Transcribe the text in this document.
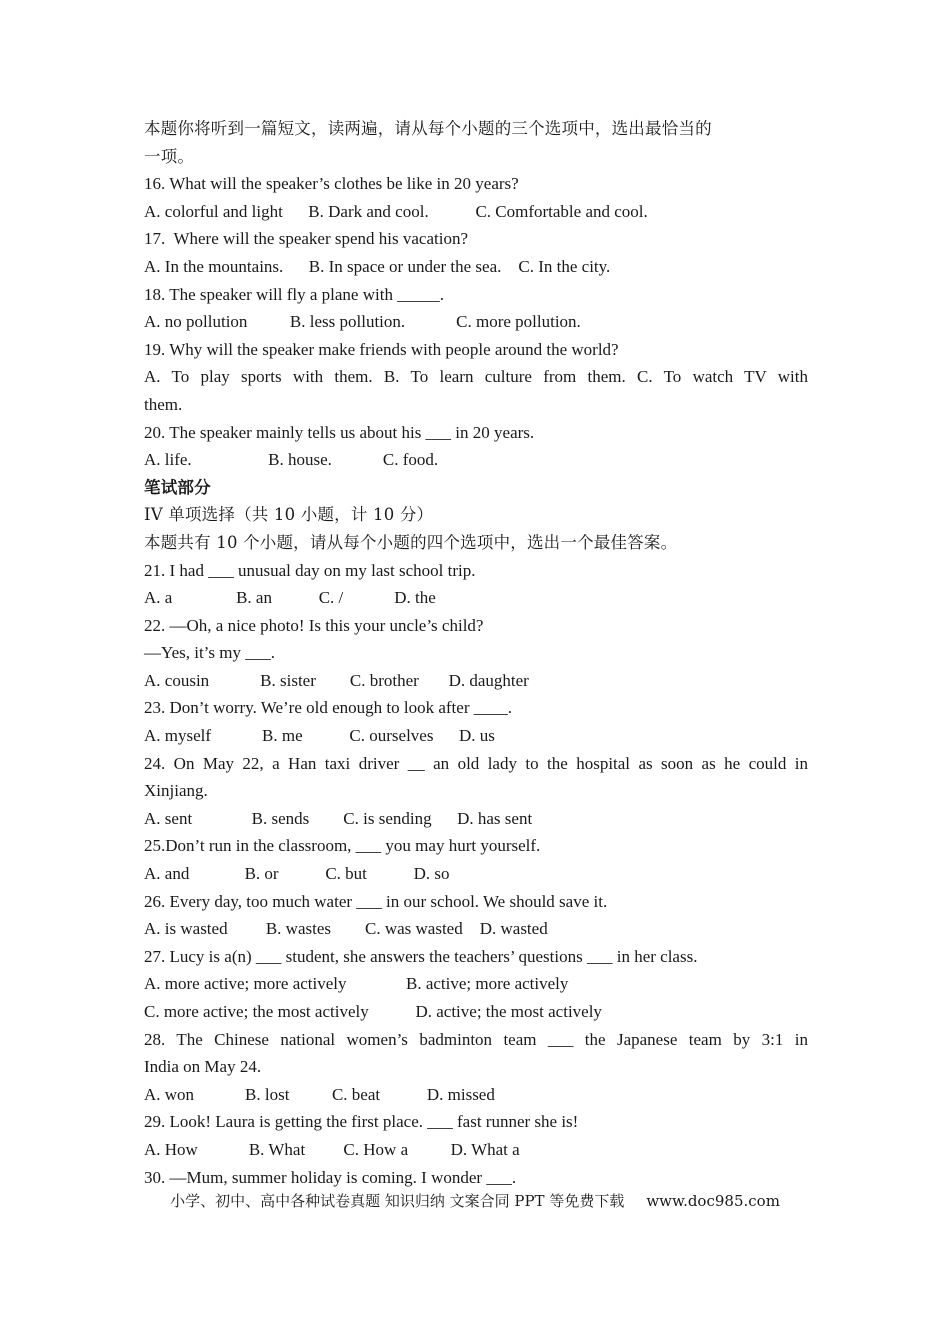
本题你将听到一篇短文，读两遍，请从每个小题的三个选项中，选出最恰当的
一项。
16. What will the speaker’s clothes be like in 20 years?
A. colorful and light      B. Dark and cool.           C. Comfortable and cool.
17.  Where will the speaker spend his vacation?
A. In the mountains.      B. In space or under the sea.    C. In the city.
18. The speaker will fly a plane with _____.
A. no pollution          B. less pollution.            C. more pollution.
19. Why will the speaker make friends with people around the world?
A. To play sports with them. B. To learn culture from them. C. To watch TV with
them.
20. The speaker mainly tells us about his ___ in 20 years.
A. life.                  B. house.            C. food.
笔试部分
IV 单项选择（共 10 小题，计 10 分）
本题共有 10 个小题，请从每个小题的四个选项中，选出一个最佳答案。
21. I had ___ unusual day on my last school trip.
A. a               B. an           C. /            D. the
22. —Oh, a nice photo! Is this your uncle’s child?
—Yes, it’s my ___.
A. cousin            B. sister        C. brother       D. daughter
23. Don’t worry. We’re old enough to look after ____.
A. myself            B. me           C. ourselves      D. us
24. On May 22, a Han taxi driver __ an old lady to the hospital as soon as he could in
Xinjiang.
A. sent              B. sends        C. is sending      D. has sent
25.Don’t run in the classroom, ___ you may hurt yourself.
A. and             B. or           C. but           D. so
26. Every day, too much water ___ in our school. We should save it.
A. is wasted         B. wastes        C. was wasted    D. wasted
27. Lucy is a(n) ___ student, she answers the teachers’ questions ___ in her class.
A. more active; more actively              B. active; more actively
C. more active; the most actively           D. active; the most actively
28. The Chinese national women’s badminton team ___ the Japanese team by 3:1 in
India on May 24.
A. won            B. lost          C. beat           D. missed
29. Look! Laura is getting the first place. ___ fast runner she is!
A. How            B. What         C. How a          D. What a
30. —Mum, summer holiday is coming. I wonder ___.
小学、初中、高中各种试卷真题 知识归纳 文案合同 PPT 等免费下载 www.doc985.com
